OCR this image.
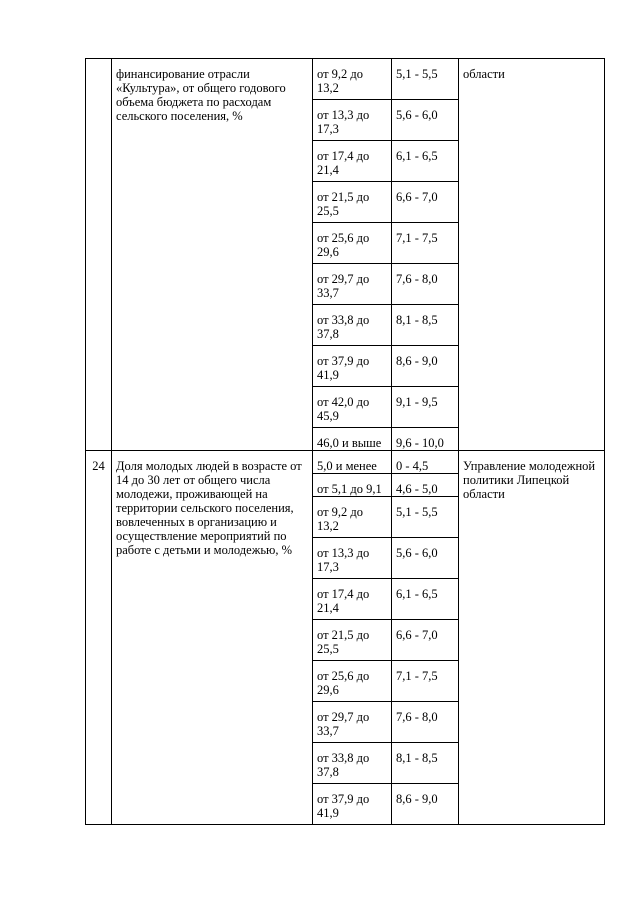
	финансирование отрасли «Культура», от общего годового объема бюджета по расходам сельского поселения, %	от 9,2 до 13,2	5,1 - 5,5	области
		от 13,3 до 17,3	5,6 - 6,0	
		от 17,4 до 21,4	6,1 - 6,5	
		от 21,5 до 25,5	6,6 - 7,0	
		от 25,6 до 29,6	7,1 - 7,5	
		от 29,7 до 33,7	7,6 - 8,0	
		от 33,8 до 37,8	8,1 - 8,5	
		от 37,9 до 41,9	8,6 - 9,0	
		от 42,0 до 45,9	9,1 - 9,5	
		46,0 и выше	9,6 - 10,0	
24	Доля молодых людей в возрасте от 14 до 30 лет от общего числа молодежи, проживающей на территории сельского поселения, вовлеченных в организацию и осуществление мероприятий по работе с детьми и молодежью, %	5,0 и менее	0 - 4,5	Управление молодежной политики Липецкой области
		от 5,1 до 9,1	4,6 - 5,0	
		от 9,2 до 13,2	5,1 - 5,5	
		от 13,3 до 17,3	5,6 - 6,0	
		от 17,4 до 21,4	6,1 - 6,5	
		от 21,5 до 25,5	6,6 - 7,0	
		от 25,6 до 29,6	7,1 - 7,5	
		от 29,7 до 33,7	7,6 - 8,0	
		от 33,8 до 37,8	8,1 - 8,5	
		от 37,9 до 41,9	8,6 - 9,0	
